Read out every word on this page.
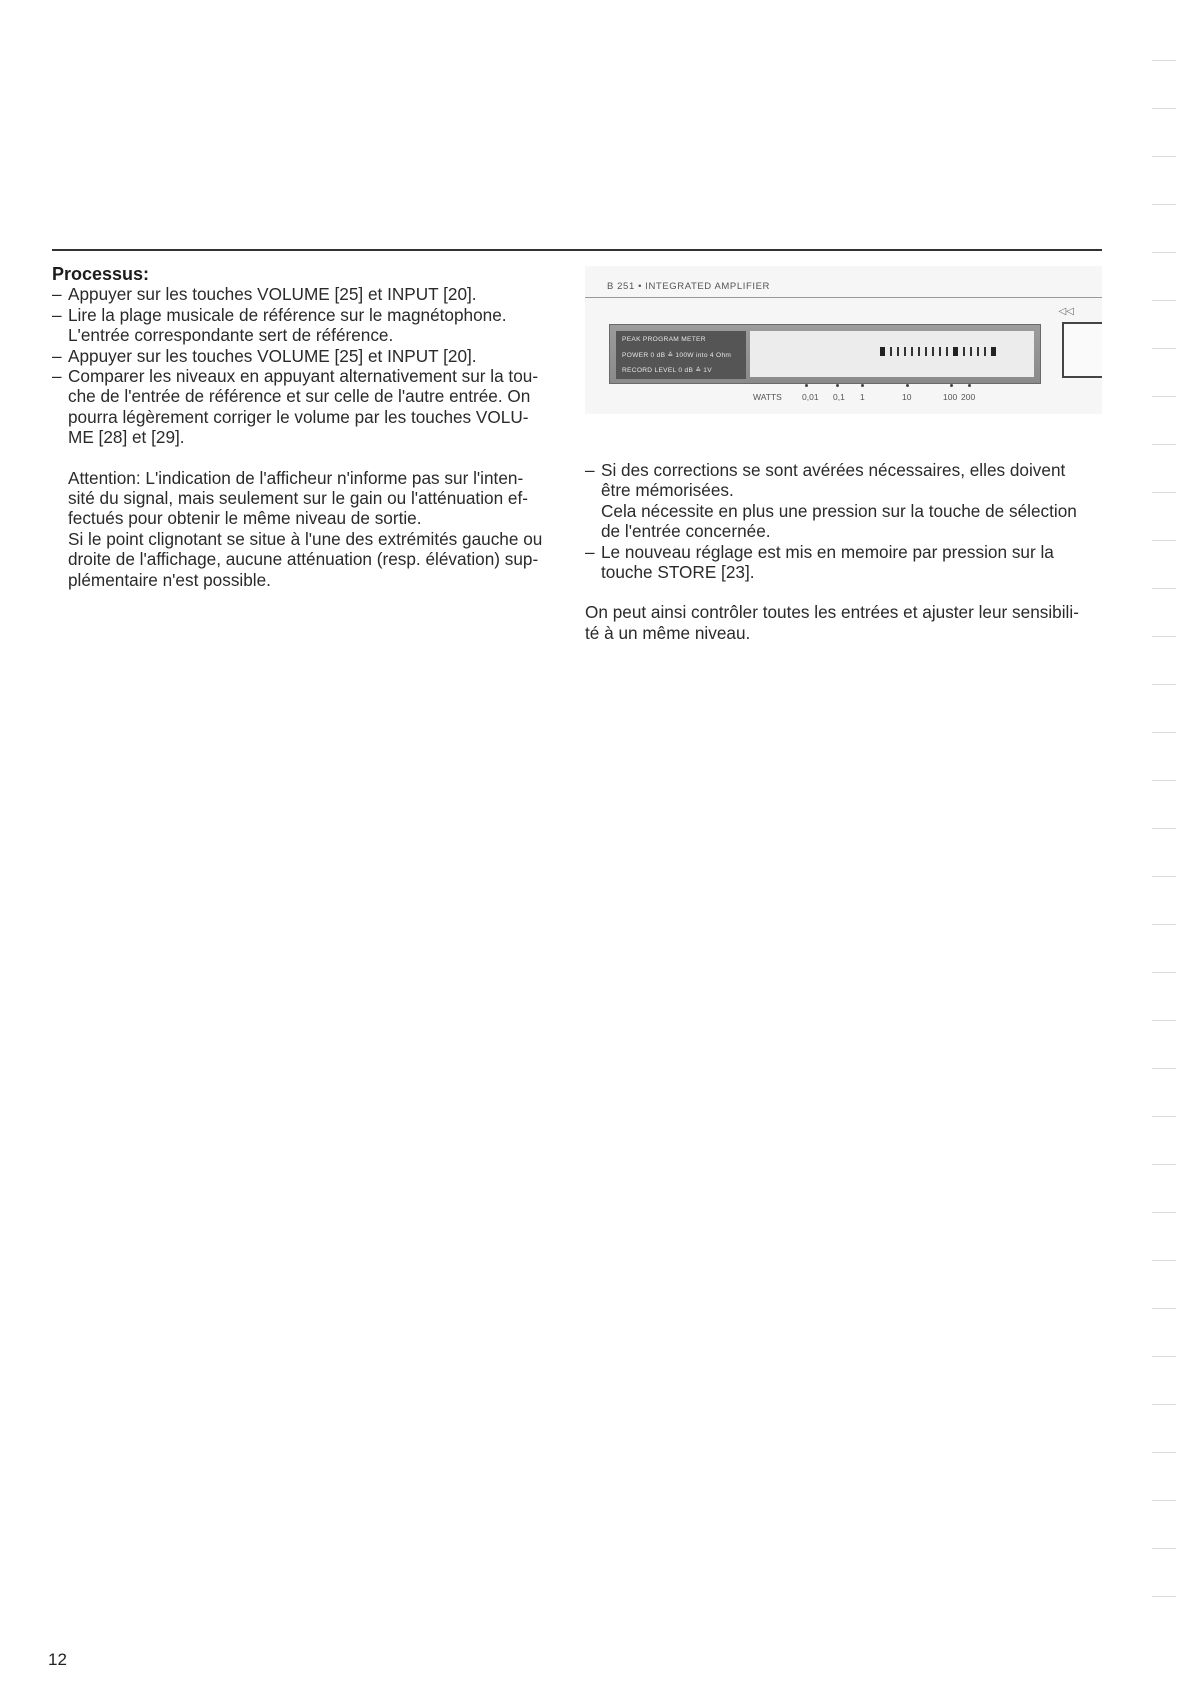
Processus:
– Appuyer sur les touches VOLUME [25] et INPUT [20].
– Lire la plage musicale de référence sur le magnétophone.
L'entrée correspondante sert de référence.
– Appuyer sur les touches VOLUME [25] et INPUT [20].
– Comparer les niveaux en appuyant alternativement sur la tou-
che de l'entrée de référence et sur celle de l'autre entrée. On
pourra légèrement corriger le volume par les touches VOLU-
ME [28] et [29].
Attention: L'indication de l'afficheur n'informe pas sur l'inten-
sité du signal, mais seulement sur le gain ou l'atténuation ef-
fectués pour obtenir le même niveau de sortie.
Si le point clignotant se situe à l'une des extrémités gauche ou
droite de l'affichage, aucune atténuation (resp. élévation) sup-
plémentaire n'est possible.
B 251 • INTEGRATED AMPLIFIER
◁◁
PEAK PROGRAM METER
POWER 0 dB ≙ 100W into 4 Ohm
RECORD LEVEL 0 dB ≙ 1V
WATTS 0,01 0,1 1	10	100 200
– Si des corrections se sont avérées nécessaires, elles doivent
être mémorisées.
Cela nécessite en plus une pression sur la touche de sélection
de l'entrée concernée.
– Le nouveau réglage est mis en memoire par pression sur la
touche STORE [23].
On peut ainsi contrôler toutes les entrées et ajuster leur sensibili-
té à un même niveau.
12
